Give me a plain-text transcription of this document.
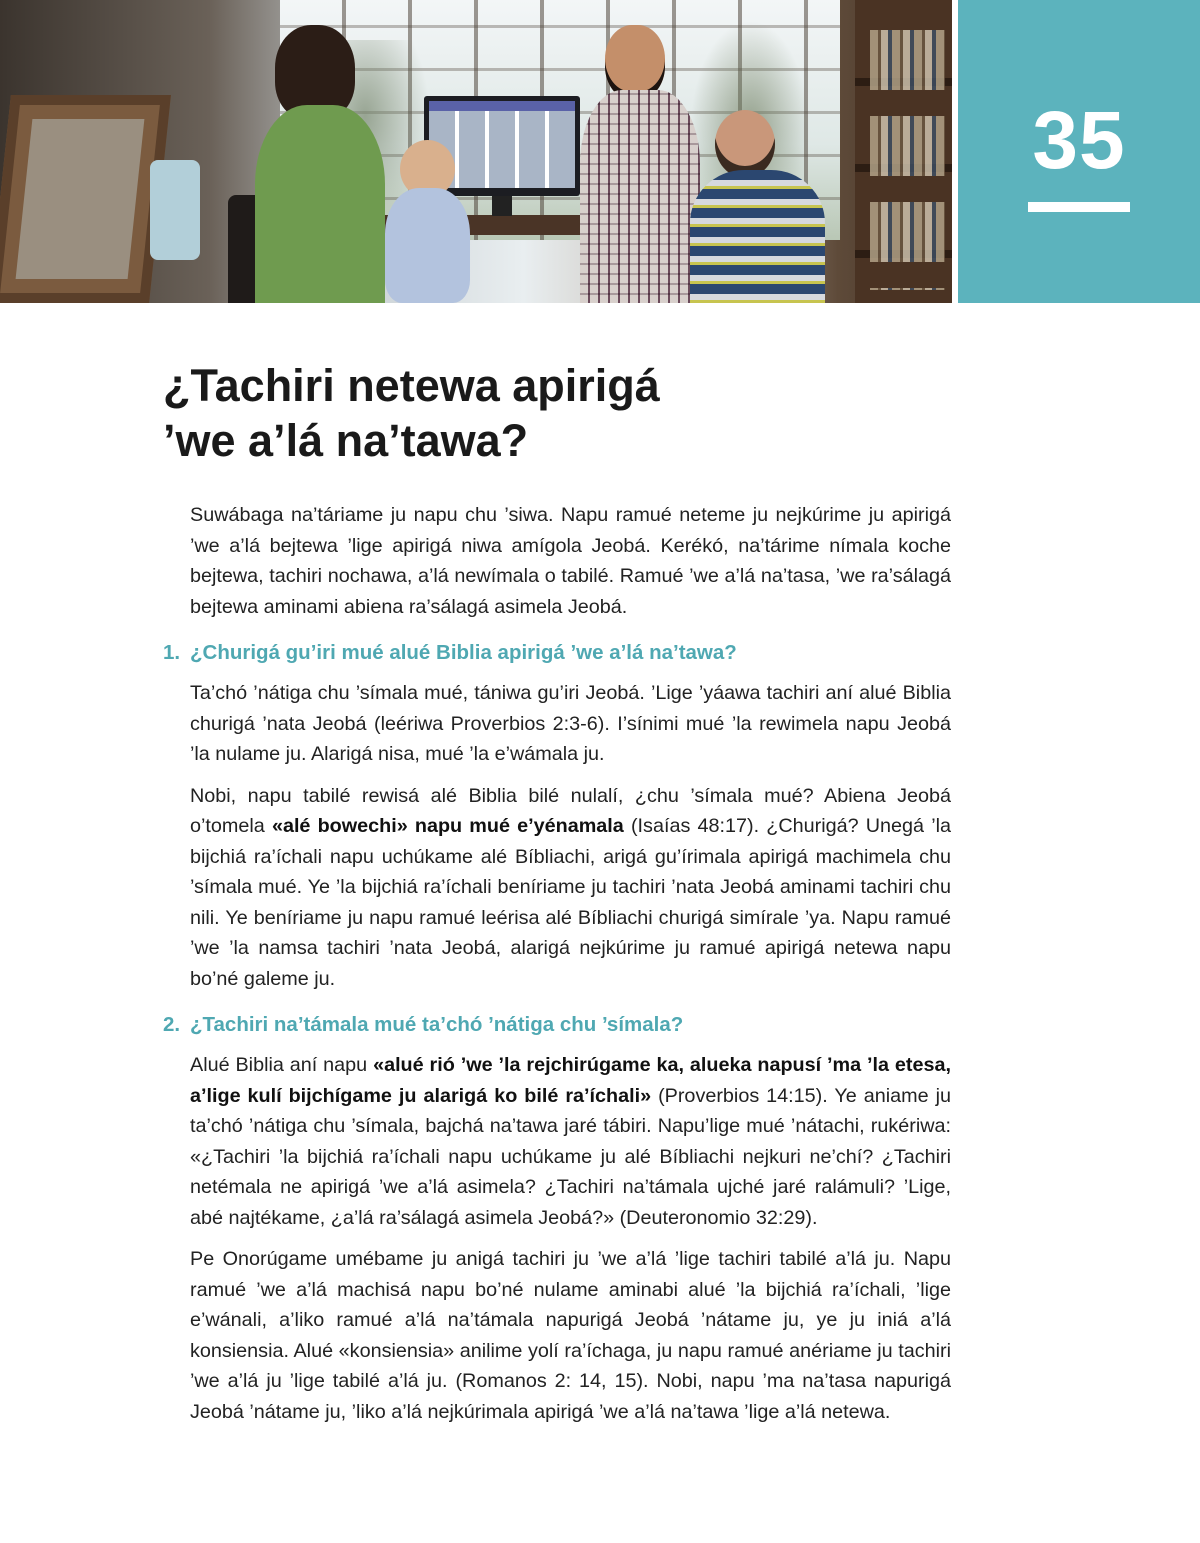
35
¿Tachiri netewa apirigá
’we a’lá na’tawa?

Suwábaga na’táriame ju napu chu ’siwa. Napu ramué neteme ju nejkúrime ju apirigá ’we a’lá bejtewa ’lige apirigá niwa amígola Jeobá. Kerékó, na’tárime nímala koche bejtewa, tachiri nochawa, a’lá newímala o tabilé. Ramué ’we a’lá na’tasa, ’we ra’sálagá bejtewa aminami abiena ra’sálagá asimela Jeobá.

1. ¿Churigá gu’iri mué alué Biblia apirigá ’we a’lá na’tawa?

Ta’chó ’nátiga chu ’símala mué, tániwa gu’iri Jeobá. ’Lige ’yáawa tachiri aní alué Biblia churigá ’nata Jeobá (leériwa Proverbios 2:3-6). I’sínimi mué ’la rewimela napu Jeobá ’la nulame ju. Alarigá nisa, mué ’la e’wámala ju.

Nobi, napu tabilé rewisá alé Biblia bilé nulalí, ¿chu ’símala mué? Abiena Jeobá o’tomela «alé bowechi» napu mué e’yénamala (Isaías 48:17). ¿Churigá? Unegá ’la bijchiá ra’íchali napu uchúkame alé Bíbliachi, arigá gu’írimala apirigá machimela chu ’símala mué. Ye ’la bijchiá ra’íchali beníriame ju tachiri ’nata Jeobá aminami tachiri chu nili. Ye beníriame ju napu ramué leérisa alé Bíbliachi churigá simírale ’ya. Napu ramué ’we ’la namsa tachiri ’nata Jeobá, alarigá nejkúrime ju ramué apirigá netewa napu bo’né galeme ju.

2. ¿Tachiri na’támala mué ta’chó ’nátiga chu ’símala?

Alué Biblia aní napu «alué rió ’we ’la rejchirúgame ka, alueka napusí ’ma ’la etesa, a’lige kulí bijchígame ju alarigá ko bilé ra’íchali» (Proverbios 14:15). Ye aniame ju ta’chó ’nátiga chu ’símala, bajchá na’tawa jaré tábiri. Napu’lige mué ’nátachi, rukériwa: «¿Tachiri ’la bijchiá ra’íchali napu uchúkame ju alé Bíbliachi nejkuri ne’chí? ¿Tachiri netémala ne apirigá ’we a’lá asimela? ¿Tachiri na’támala ujché jaré ralámuli? ’Lige, abé najtékame, ¿a’lá ra’sálagá asimela Jeobá?» (Deuteronomio 32:29).

Pe Onorúgame umébame ju anigá tachiri ju ’we a’lá ’lige tachiri tabilé a’lá ju. Napu ramué ’we a’lá machisá napu bo’né nulame aminabi alué ’la bijchiá ra’íchali, ’lige e’wánali, a’liko ramué a’lá na’támala napurigá Jeobá ’nátame ju, ye ju iniá a’lá konsiensia. Alué «konsiensia» anilime yolí ra’íchaga, ju napu ramué anériame ju tachiri ’we a’lá ju ’lige tabilé a’lá ju. (Romanos 2: 14, 15). Nobi, napu ’ma na’tasa napurigá Jeobá ’nátame ju, ’liko a’lá nejkúrimala apirigá ’we a’lá na’tawa ’lige a’lá netewa.
